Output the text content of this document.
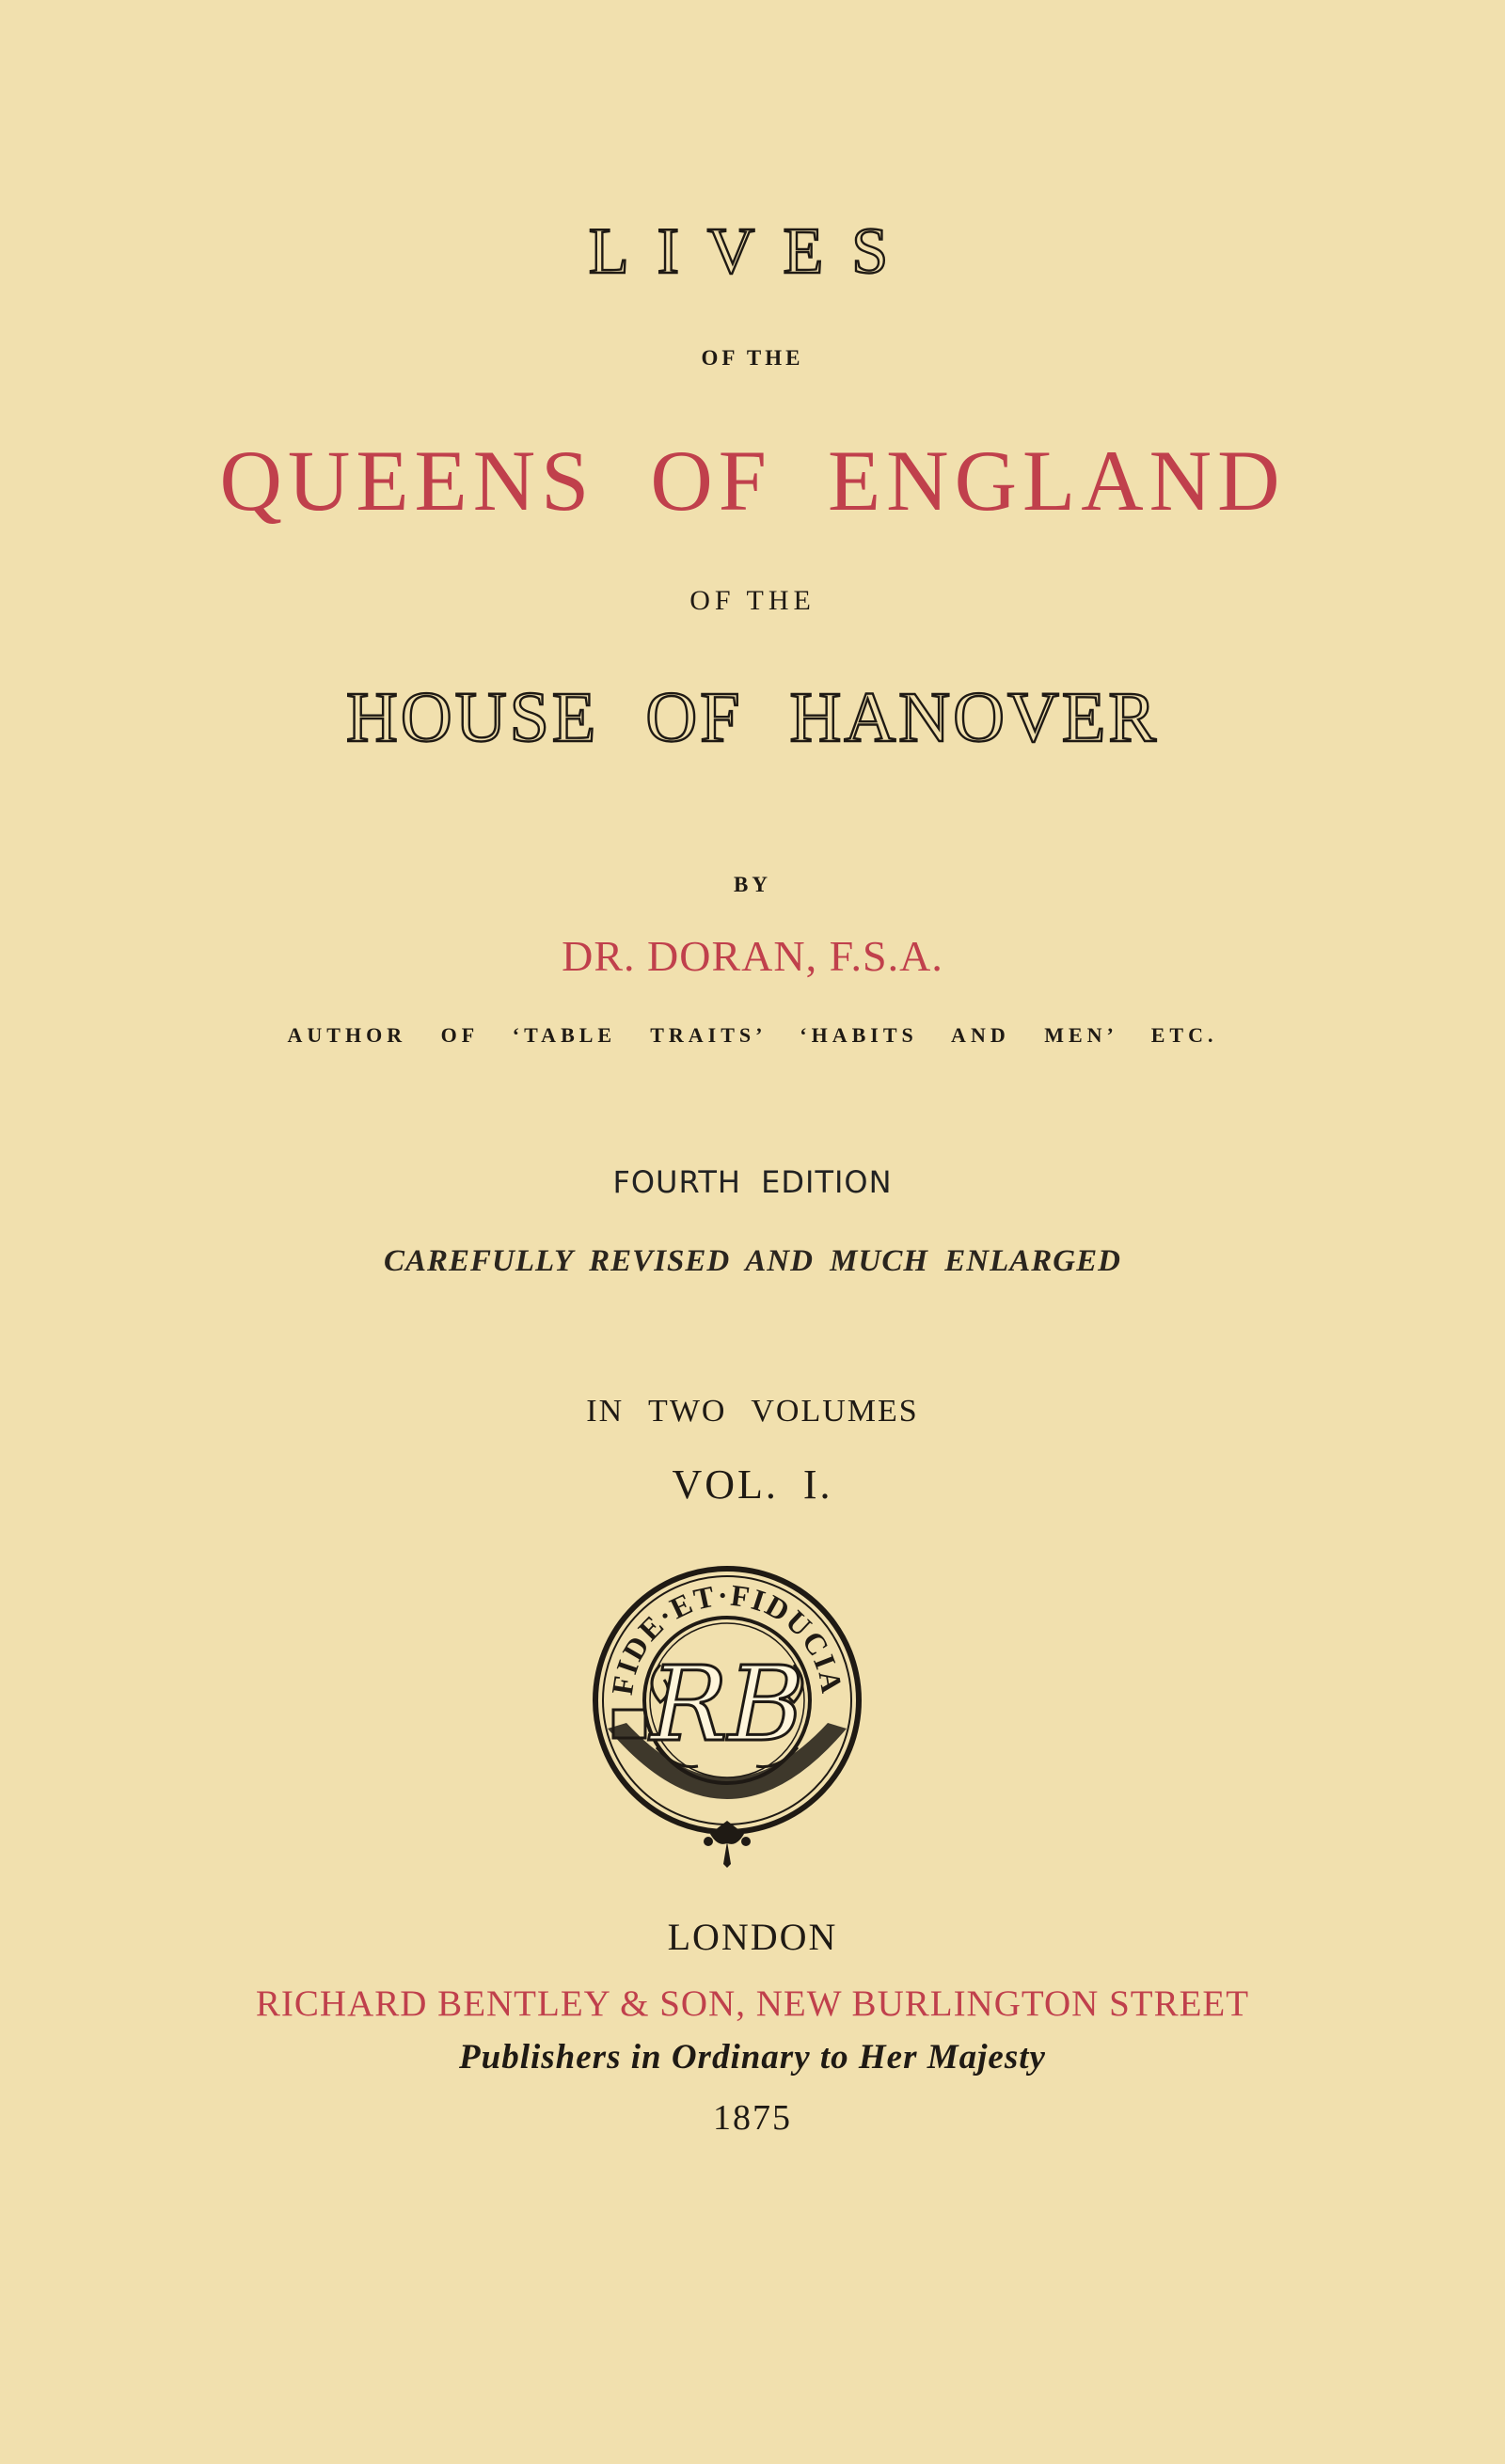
LIVES

OF THE

QUEENS OF ENGLAND

OF THE

HOUSE OF HANOVER

BY

DR. DORAN, F.S.A.

AUTHOR OF ‘TABLE TRAITS’ ‘HABITS AND MEN’ ETC.

FOURTH EDITION

CAREFULLY REVISED AND MUCH ENLARGED

IN TWO VOLUMES

VOL. I.

FIDE·ET·FIDUCIA
RB

LONDON

RICHARD BENTLEY & SON, NEW BURLINGTON STREET

Publishers in Ordinary to Her Majesty

1875
